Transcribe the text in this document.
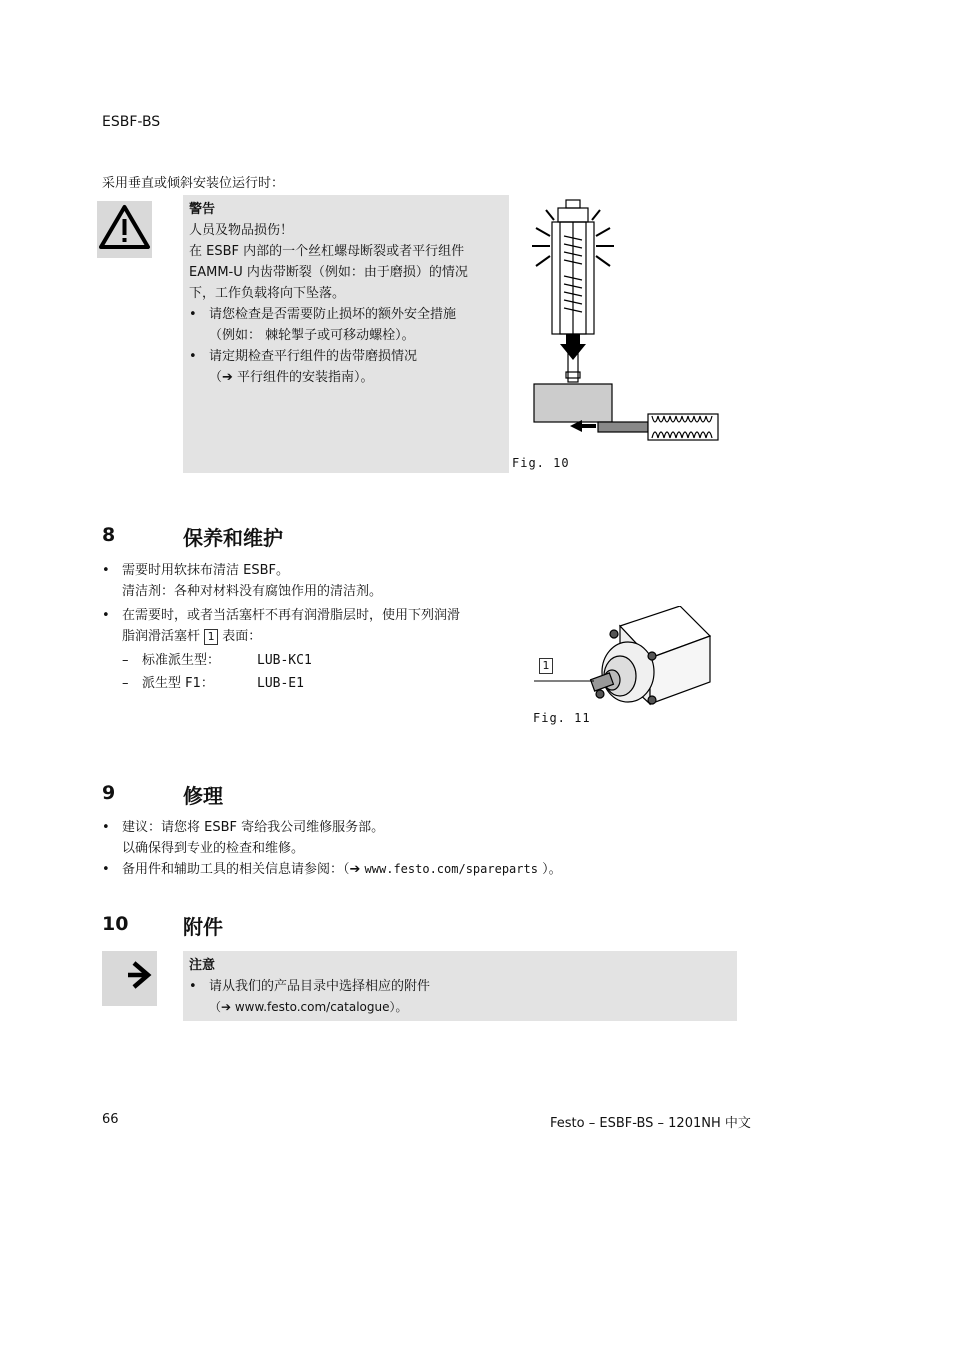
ESBF-BS
采用垂直或倾斜安装位运行时：
警告
人员及物品损伤！
在 ESBF 内部的一个丝杠螺母断裂或者平行组件
EAMM-U 内齿带断裂（例如：由于磨损）的情况
下，工作负载将向下坠落。
• 请您检查是否需要防止损坏的额外安全措施
（例如： 棘轮掣子或可移动螺栓）。
• 请定期检查平行组件的齿带磨损情况
（➔ 平行组件的安装指南）。
Fig. 10
8	保养和维护
• 需要时用软抹布清洁 ESBF。
清洁剂：各种对材料没有腐蚀作用的清洁剂。
• 在需要时，或者当活塞杆不再有润滑脂层时，使用下列润滑
脂润滑活塞杆 1 表面：
–	标准派生型：	LUB-KC1
–	派生型 F1：	LUB-E1
1
Fig. 11
9	修理
• 建议：请您将 ESBF 寄给我公司维修服务部。
以确保得到专业的检查和维修。
• 备用件和辅助工具的相关信息请参阅：（➔ www.festo.com/spareparts ）。
10	附件
注意
• 请从我们的产品目录中选择相应的附件
（➔ www.festo.com/catalogue）。
66	Festo – ESBF-BS – 1201NH 中文
